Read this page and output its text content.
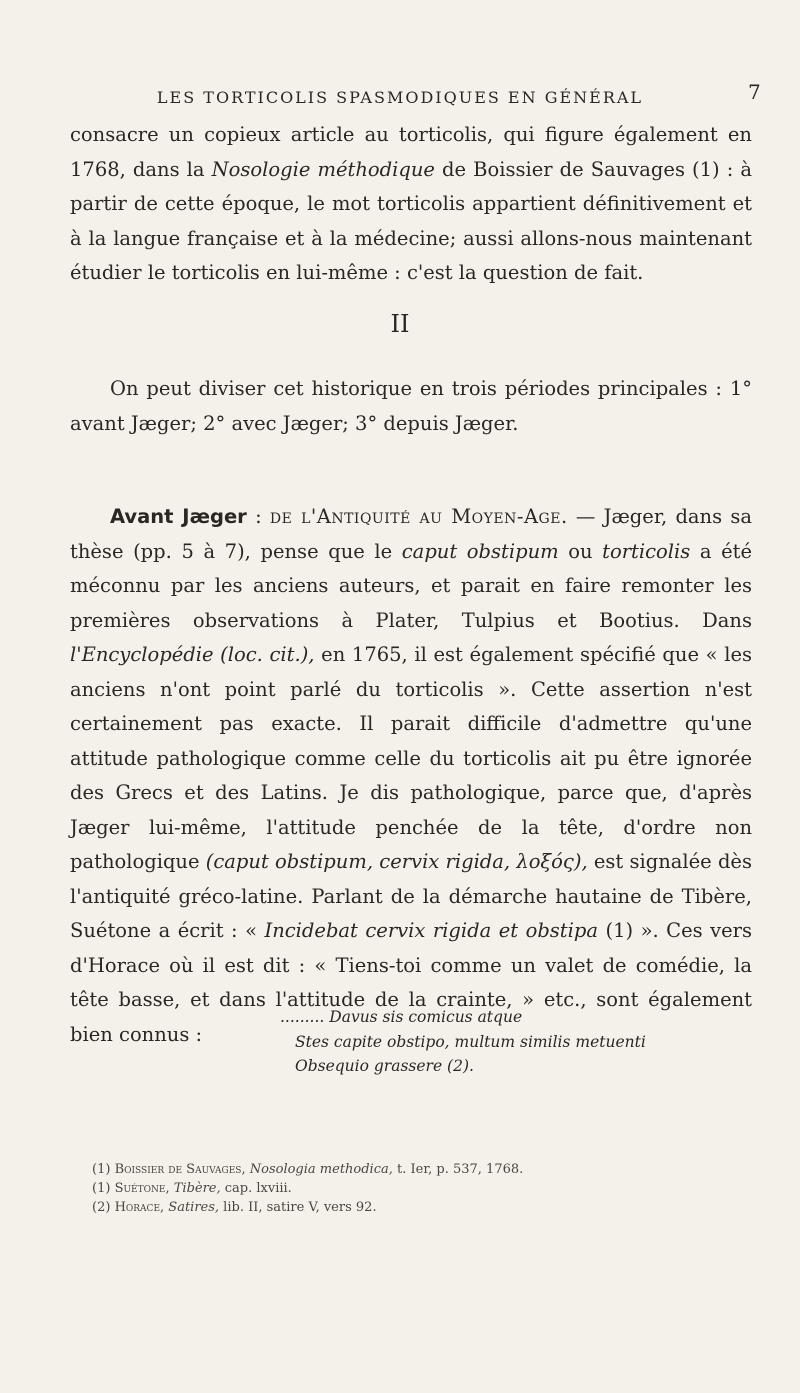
LES TORTICOLIS SPASMODIQUES EN GÉNÉRAL	7
consacre un copieux article au torticolis, qui figure également en 1768, dans la Nosologie méthodique de Boissier de Sauvages (1) : à partir de cette époque, le mot torticolis appartient définitivement et à la langue française et à la médecine; aussi allons-nous maintenant étudier le torticolis en lui-même : c'est la question de fait.
II
On peut diviser cet historique en trois périodes principales : 1° avant Jæger; 2° avec Jæger; 3° depuis Jæger.
Avant Jæger : de l'Antiquité au Moyen-Age. — Jæger, dans sa thèse (pp. 5 à 7), pense que le caput obstipum ou torticolis a été méconnu par les anciens auteurs, et parait en faire remonter les premières observations à Plater, Tulpius et Bootius. Dans l'Encyclopédie (loc. cit.), en 1765, il est également spécifié que « les anciens n'ont point parlé du torticolis ». Cette assertion n'est certainement pas exacte. Il parait difficile d'admettre qu'une attitude pathologique comme celle du torticolis ait pu être ignorée des Grecs et des Latins. Je dis pathologique, parce que, d'après Jæger lui-même, l'attitude penchée de la tête, d'ordre non pathologique (caput obstipum, cervix rigida, λοξός), est signalée dès l'antiquité gréco-latine. Parlant de la démarche hautaine de Tibère, Suétone a écrit : « Incidebat cervix rigida et obstipa (1) ». Ces vers d'Horace où il est dit : « Tiens-toi comme un valet de comédie, la tête basse, et dans l'attitude de la crainte, » etc., sont également bien connus :
......... Davus sis comicus atque
Stes capite obstipo, multum similis metuenti
Obsequio grassere (2).
(1) Boissier de Sauvages, Nosologia methodica, t. Ier, p. 537, 1768.
(1) Suétone, Tibère, cap. lxviii.
(2) Horace, Satires, lib. II, satire V, vers 92.
